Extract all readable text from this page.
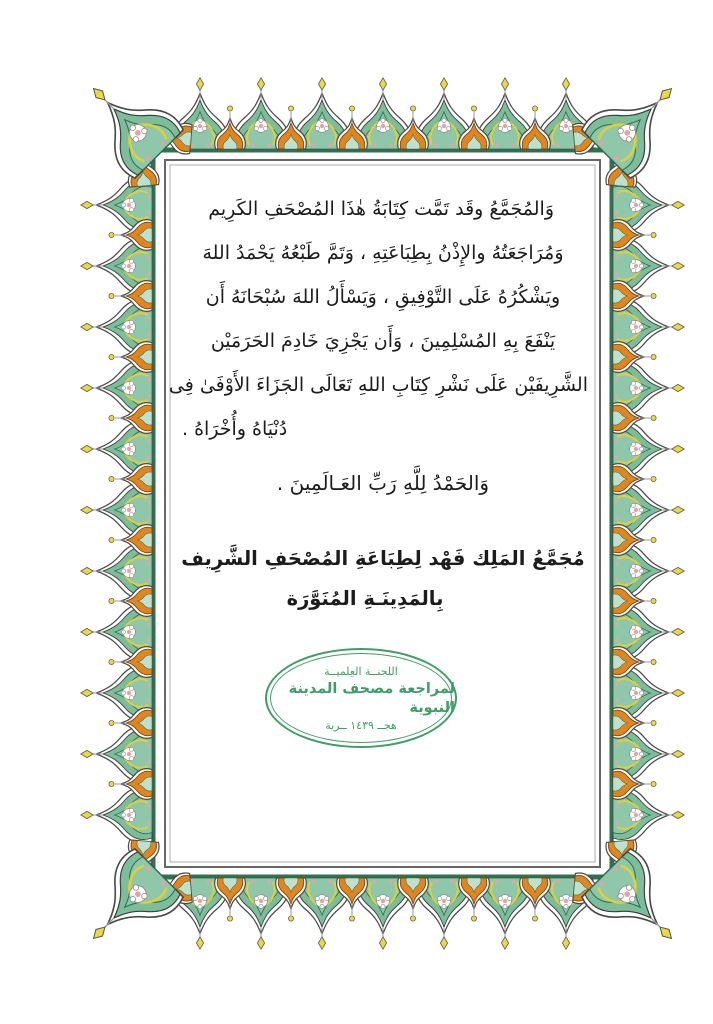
وَالمُجَمَّعُ وقَد تَمَّت كِتَابَةُ هٰذَا المُصْحَفِ الكَرِيم

وَمُرَاجَعَتُهُ والإِذْنُ بِطِبَاعَتِهِ ، وَتَمَّ طَبْعُهُ يَحْمَدُ اللهَ

ويَشْكُرُهُ عَلَى التَّوْفِيقِ ، وَيَسْأَلُ اللهَ سُبْحَانَهُ أَن

يَنْفَعَ بِهِ المُسْلِمِينَ ، وَأَن يَجْزِيَ خَادِمَ الحَرَمَيْن

الشَّرِيفَيْن عَلَى نَشْرِ كِتَابِ اللهِ تَعَالَى الجَزَاءَ الأَوْفَىٰ فِى

دُنْيَاهُ وأُخْرَاهُ .

وَالحَمْدُ لِلَّهِ رَبِّ العَـالَمِينَ .

مُجَمَّعُ المَلِك فَهْد لِطِبَاعَةِ المُصْحَفِ الشَّرِيف

بِالمَدِينَـةِ المُنَوَّرَة

اللجنــة العِلميــة
لمراجعة مصحف المدينة النبوية
هجــ ١٤٣٩ ــرية
